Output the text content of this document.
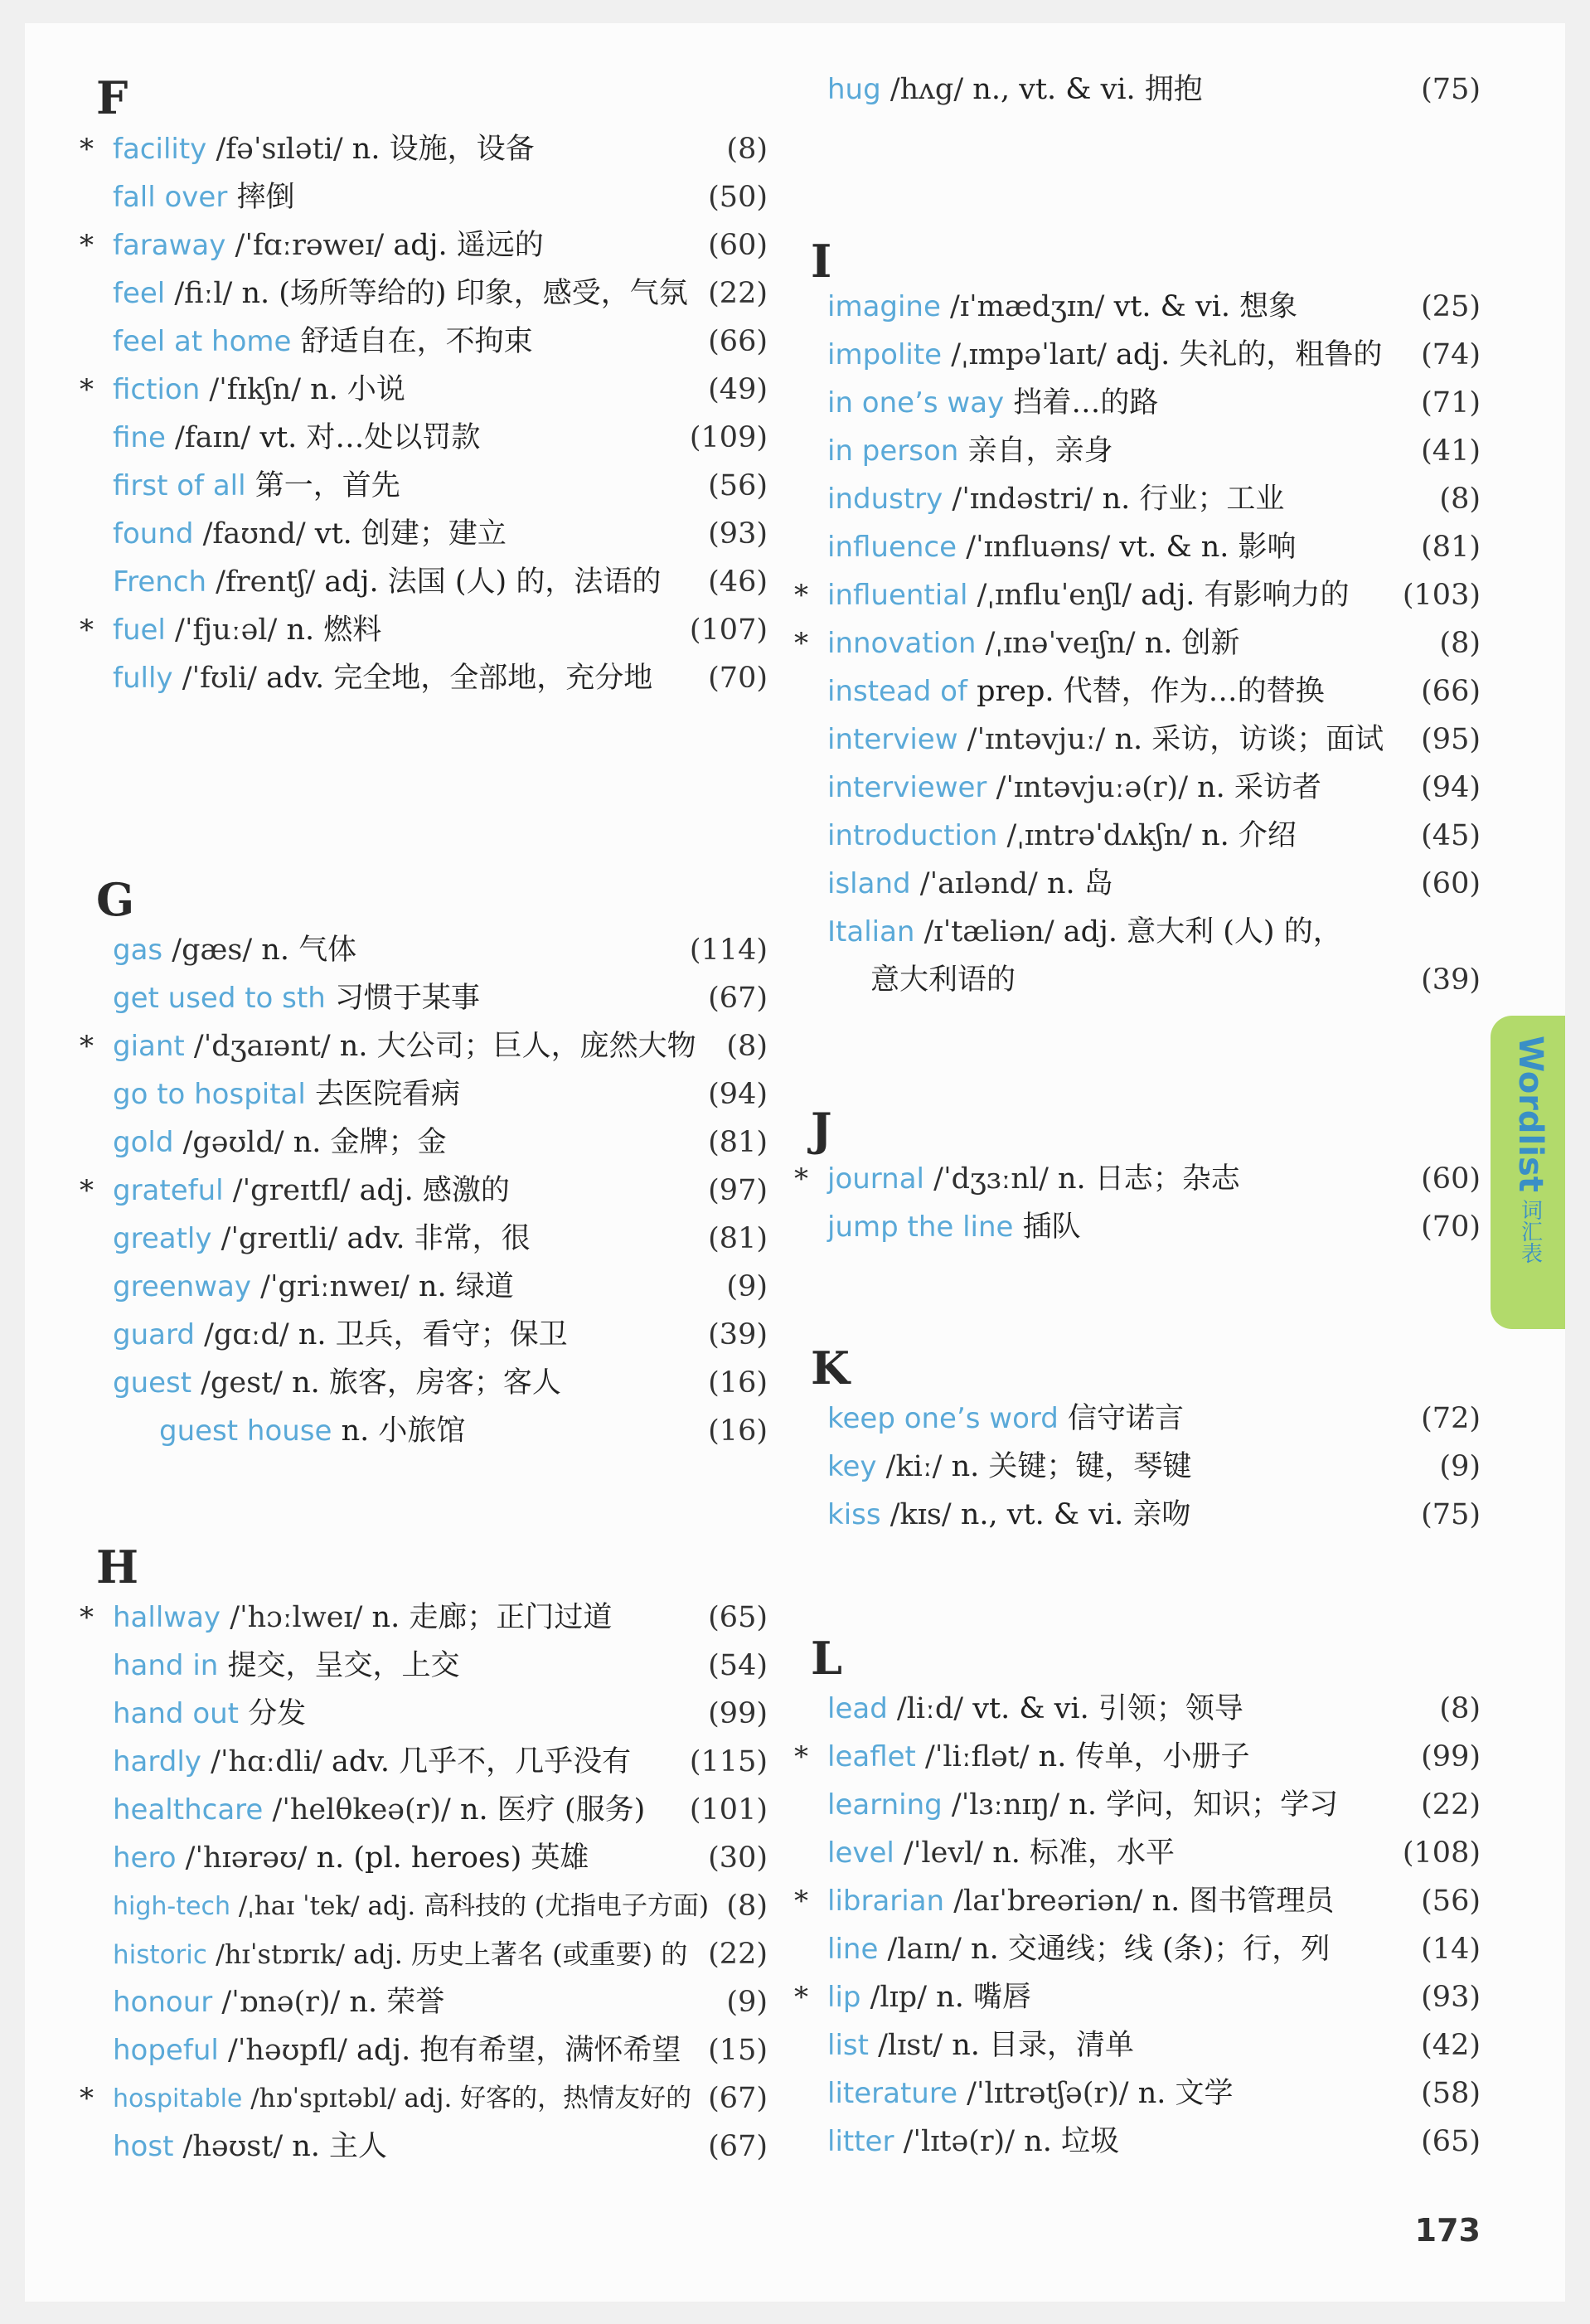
F
* facility /fəˈsɪləti/ n. 设施，设备	(8)
fall over 摔倒	(50)
* faraway /ˈfɑːrəweɪ/ adj. 遥远的	(60)
feel /fiːl/ n. (场所等给的) 印象，感受，气氛 (22)
feel at home 舒适自在，不拘束	(66)
* fiction /ˈfɪkʃn/ n. 小说	(49)
fine /faɪn/ vt. 对…处以罚款	(109)
first of all 第一，首先	(56)
found /faʊnd/ vt. 创建；建立	(93)
French /frentʃ/ adj. 法国 (人) 的，法语的 (46)
* fuel /ˈfjuːəl/ n. 燃料	(107)
fully /ˈfʊli/ adv. 完全地，全部地，充分地 (70)
G
gas /gæs/ n. 气体	(114)
get used to sth 习惯于某事	(67)
* giant /ˈdʒaɪənt/ n. 大公司；巨人，庞然大物 (8)
go to hospital 去医院看病	(94)
gold /gəʊld/ n. 金牌；金	(81)
* grateful /ˈgreɪtfl/ adj. 感激的	(97)
greatly /ˈgreɪtli/ adv. 非常，很	(81)
greenway /ˈgriːnweɪ/ n. 绿道	(9)
guard /gɑːd/ n. 卫兵，看守；保卫	(39)
guest /gest/ n. 旅客，房客；客人	(16)
guest house n. 小旅馆	(16)
H
* hallway /ˈhɔːlweɪ/ n. 走廊；正门过道	(65)
hand in 提交，呈交，上交	(54)
hand out 分发	(99)
hardly /ˈhɑːdli/ adv. 几乎不，几乎没有 (115)
healthcare /ˈhelθkeə(r)/ n. 医疗 (服务) (101)
hero /ˈhɪərəʊ/ n. (pl. heroes) 英雄	(30)
high-tech /ˌhaɪ ˈtek/ adj. 高科技的 (尤指电子方面) (8)
historic /hɪˈstɒrɪk/ adj. 历史上著名 (或重要) 的 (22)
honour /ˈɒnə(r)/ n. 荣誉	(9)
hopeful /ˈhəʊpfl/ adj. 抱有希望，满怀希望 (15)
* hospitable /hɒˈspɪtəbl/ adj. 好客的，热情友好的 (67)
host /həʊst/ n. 主人	(67)
hug /hʌg/ n., vt. & vi. 拥抱	(75)
I
imagine /ɪˈmædʒɪn/ vt. & vi. 想象	(25)
impolite /ˌɪmpəˈlaɪt/ adj. 失礼的，粗鲁的 (74)
in one’s way 挡着…的路	(71)
in person 亲自，亲身	(41)
industry /ˈɪndəstri/ n. 行业；工业	(8)
influence /ˈɪnfluəns/ vt. & n. 影响	(81)
* influential /ˌɪnfluˈenʃl/ adj. 有影响力的 (103)
* innovation /ˌɪnəˈveɪʃn/ n. 创新	(8)
instead of prep. 代替，作为…的替换	(66)
interview /ˈɪntəvjuː/ n. 采访，访谈；面试 (95)
interviewer /ˈɪntəvjuːə(r)/ n. 采访者	(94)
introduction /ˌɪntrəˈdʌkʃn/ n. 介绍	(45)
island /ˈaɪlənd/ n. 岛	(60)
Italian /ɪˈtæliən/ adj. 意大利 (人) 的，
意大利语的	(39)
J
* journal /ˈdʒɜːnl/ n. 日志；杂志	(60)
jump the line 插队	(70)
K
keep one’s word 信守诺言	(72)
key /kiː/ n. 关键；键，琴键	(9)
kiss /kɪs/ n., vt. & vi. 亲吻	(75)
L
lead /liːd/ vt. & vi. 引领；领导	(8)
* leaflet /ˈliːflət/ n. 传单，小册子	(99)
learning /ˈlɜːnɪŋ/ n. 学问，知识；学习	(22)
level /ˈlevl/ n. 标准，水平	(108)
* librarian /laɪˈbreəriən/ n. 图书管理员	(56)
line /laɪn/ n. 交通线；线 (条)；行，列	(14)
* lip /lɪp/ n. 嘴唇	(93)
list /lɪst/ n. 目录，清单	(42)
literature /ˈlɪtrətʃə(r)/ n. 文学	(58)
litter /ˈlɪtə(r)/ n. 垃圾	(65)
Wordlist
词汇表
173
